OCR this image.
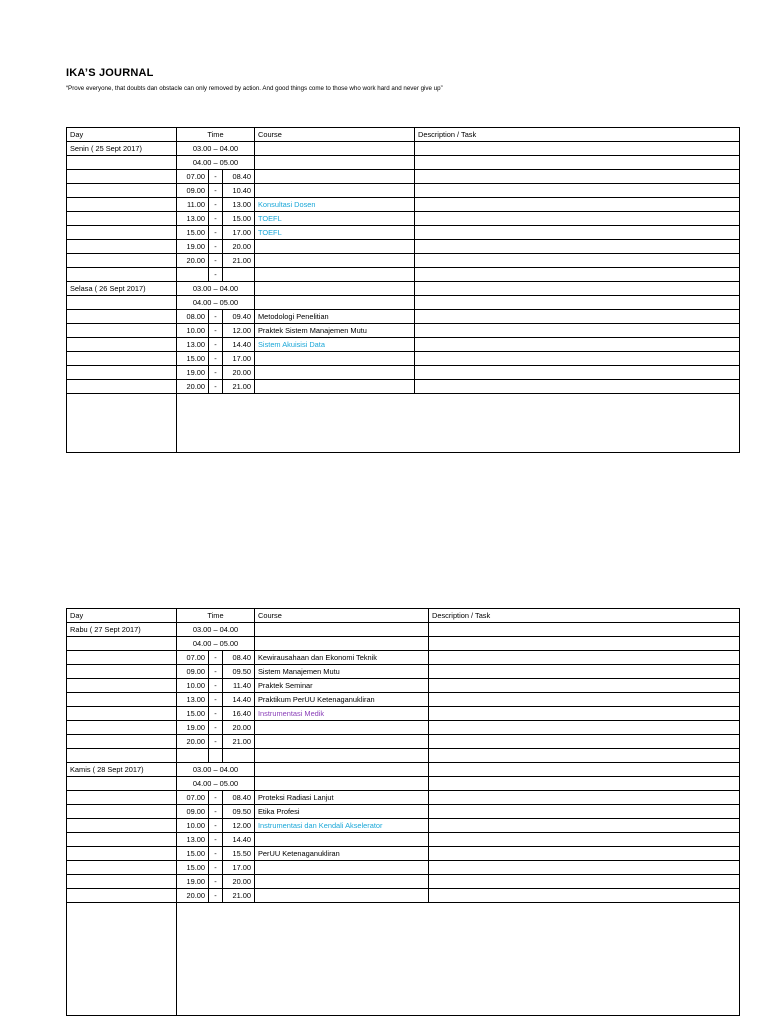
IKA’S JOURNAL
“Prove everyone, that doubts dan obstacle can only removed by action. And good things come to those who work hard and never give up”
Day	Time			Course	Description / Task
Senin ( 25 Sept 2017)	03.00 – 04.00				
	04.00 – 05.00				
	07.00	-	08.40		
	09.00	-	10.40		
	11.00	-	13.00	Konsultasi Dosen	
	13.00	-	15.00	TOEFL	
	15.00	-	17.00	TOEFL	
	19.00	-	20.00		
	20.00	-	21.00		
		-			
Selasa ( 26 Sept 2017)	03.00 – 04.00				
	04.00 – 05.00				
	08.00	-	09.40	Metodologi Penelitian	
	10.00	-	12.00	Praktek Sistem Manajemen Mutu	
	13.00	-	14.40	Sistem Akuisisi Data	
	15.00	-	17.00		
	19.00	-	20.00		
	20.00	-	21.00		

Day	Time			Course	Description / Task
Rabu ( 27 Sept 2017)	03.00 – 04.00				
	04.00 – 05.00				
	07.00	-	08.40	Kewirausahaan dan Ekonomi Teknik	
	09.00	-	09.50	Sistem Manajemen Mutu	
	10.00	-	11.40	Praktek Seminar	
	13.00	-	14.40	Praktikum PerUU Ketenaganukliran	
	15.00	-	16.40	Instrumentasi Medik	
	19.00	-	20.00		
	20.00	-	21.00		

Kamis ( 28 Sept 2017)	03.00 – 04.00				
	04.00 – 05.00				
	07.00	-	08.40	Proteksi Radiasi Lanjut	
	09.00	-	09.50	Etika Profesi	
	10.00	-	12.00	Instrumentasi dan Kendali Akselerator	
	13.00	-	14.40		
	15.00	-	15.50	PerUU Ketenaganukliran	
	15.00	-	17.00		
	19.00	-	20.00		
	20.00	-	21.00		
